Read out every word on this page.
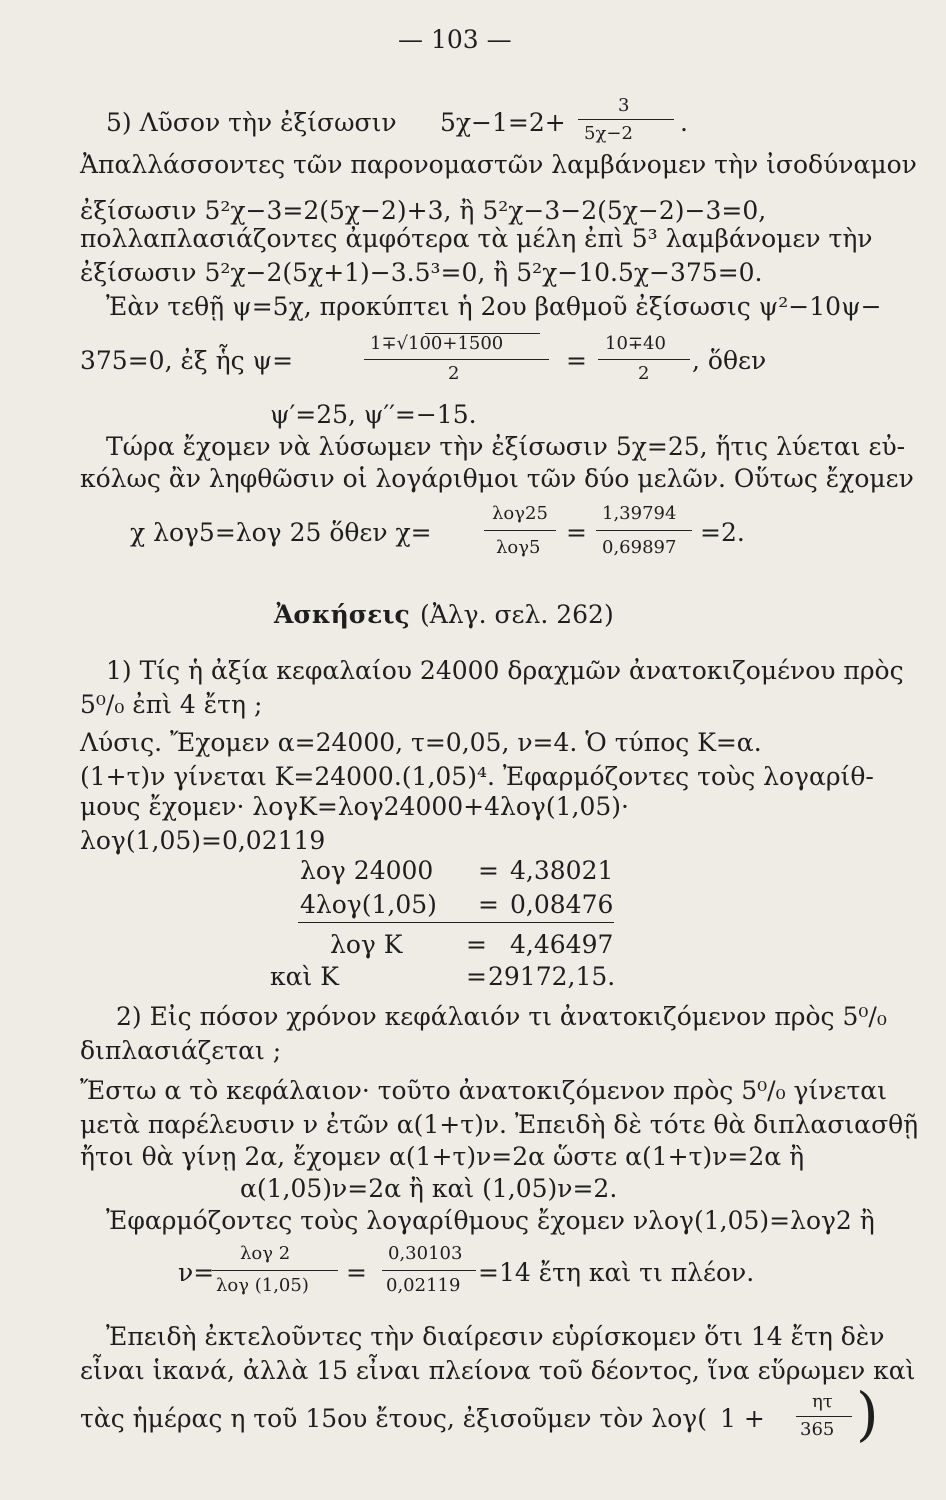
— 103 —
5) Λῦσον τὴν ἐξίσωσιν 5χ−1=2+
3
5χ−2 .
Ἀπαλλάσσοντες τῶν παρονομαστῶν λαμβάνομεν τὴν ἰσοδύναμον
ἐξίσωσιν 5²χ−3=2(5χ−2)+3, ἢ 5²χ−3−2(5χ−2)−3=0,
πολλαπλασιάζοντες ἀμφότερα τὰ μέλη ἐπὶ 5³ λαμβάνομεν τὴν
ἐξίσωσιν 5²χ−2(5χ+1)−3.5³=0, ἢ 5²χ−10.5χ−375=0.
Ἐὰν τεθῇ ψ=5χ, προκύπτει ἡ 2ου βαθμοῦ ἐξίσωσις ψ²−10ψ−
375=0, ἐξ ἧς ψ=
1∓√100+1500
2	=
10∓40
2 , ὅθεν
ψ′=25, ψ′′=−15.
Τώρα ἔχομεν νὰ λύσωμεν τὴν ἐξίσωσιν 5χ=25, ἥτις λύεται εὐ-
κόλως ἂν ληφθῶσιν οἱ λογάριθμοι τῶν δύο μελῶν. Οὕτως ἔχομεν
χ λογ5=λογ 25 ὅθεν χ=
λογ25
λογ5
=
1,39794
0,69897
=2.
Ἀσκήσεις (Ἀλγ. σελ. 262)
1) Τίς ἡ ἀξία κεφαλαίου 24000 δραχμῶν ἀνατοκιζομένου πρὸς
5⁰/₀ ἐπὶ 4 ἔτη ;
Λύσις. Ἔχομεν α=24000, τ=0,05, ν=4. Ὁ τύπος Κ=α.
(1+τ)ν γίνεται Κ=24000.(1,05)⁴. Ἐφαρμόζοντες τοὺς λογαρίθ-
μους ἔχομεν· λογΚ=λογ24000+4λογ(1,05)·
λογ(1,05)=0,02119
λογ 24000 = 4,38021
4λογ(1,05) = 0,08476
λογ Κ	= 4,46497
καὶ Κ	= 29172,15.
2) Εἰς πόσον χρόνον κεφάλαιόν τι ἀνατοκιζόμενον πρὸς 5⁰/₀
διπλασιάζεται ;
Ἔστω α τὸ κεφάλαιον· τοῦτο ἀνατοκιζόμενον πρὸς 5⁰/₀ γίνεται
μετὰ παρέλευσιν ν ἐτῶν α(1+τ)ν. Ἐπειδὴ δὲ τότε θὰ διπλασιασθῇ
ἤτοι θὰ γίνῃ 2α, ἔχομεν α(1+τ)ν=2α ὥστε α(1+τ)ν=2α ἢ
α(1,05)ν=2α ἢ καὶ (1,05)ν=2.
Ἐφαρμόζοντες τοὺς λογαρίθμους ἔχομεν νλογ(1,05)=λογ2 ἢ
ν=
λογ 2
λογ (1,05) =
0,30103
0,02119 =14 ἔτη καὶ τι πλέον.
Ἐπειδὴ ἐκτελοῦντες τὴν διαίρεσιν εὑρίσκομεν ὅτι 14 ἔτη δὲν
εἶναι ἱκανά, ἀλλὰ 15 εἶναι πλείονα τοῦ δέοντος, ἵνα εὕρωμεν καὶ
τὰς ἡμέρας η τοῦ 15ου ἔτους, ἐξισοῦμεν τὸν λογ( 1 +
ητ
365 )
